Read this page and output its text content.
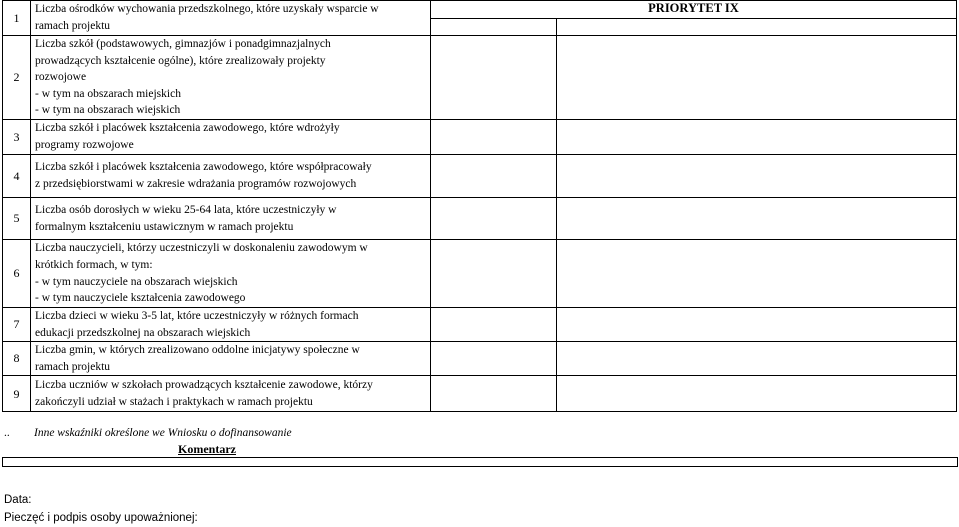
1	Liczba ośrodków wychowania przedszkolnego, które uzyskały wsparcie w
ramach projektu	PRIORYTET IX	

2	Liczba szkół (podstawowych, gimnazjów i ponadgimnazjalnych
prowadzących kształcenie ogólne), które zrealizowały projekty
rozwojowe
- w tym na obszarach miejskich
- w tym na obszarach wiejskich		

3	Liczba szkół i placówek kształcenia zawodowego, które wdrożyły
programy rozwojowe		

4	Liczba szkół i placówek kształcenia zawodowego, które współpracowały
z przedsiębiorstwami w zakresie wdrażania programów rozwojowych		

5	Liczba osób dorosłych w wieku 25-64 lata, które uczestniczyły w
formalnym kształceniu ustawicznym w ramach projektu		

6	Liczba nauczycieli, którzy uczestniczyli w doskonaleniu zawodowym w
krótkich formach, w tym:
- w tym nauczyciele na obszarach wiejskich
- w tym nauczyciele kształcenia zawodowego		

7	Liczba dzieci w wieku 3-5 lat, które uczestniczyły w różnych formach
edukacji przedszkolnej na obszarach wiejskich		

8	Liczba gmin, w których zrealizowano oddolne inicjatywy społeczne w
ramach projektu		

9	Liczba uczniów w szkołach prowadzących kształcenie zawodowe, którzy
zakończyli udział w stażach i praktykach w ramach projektu		

.. Inne wskaźniki określone we Wniosku o dofinansowanie
Komentarz
Data:
Pieczęć i podpis osoby upoważnionej:
